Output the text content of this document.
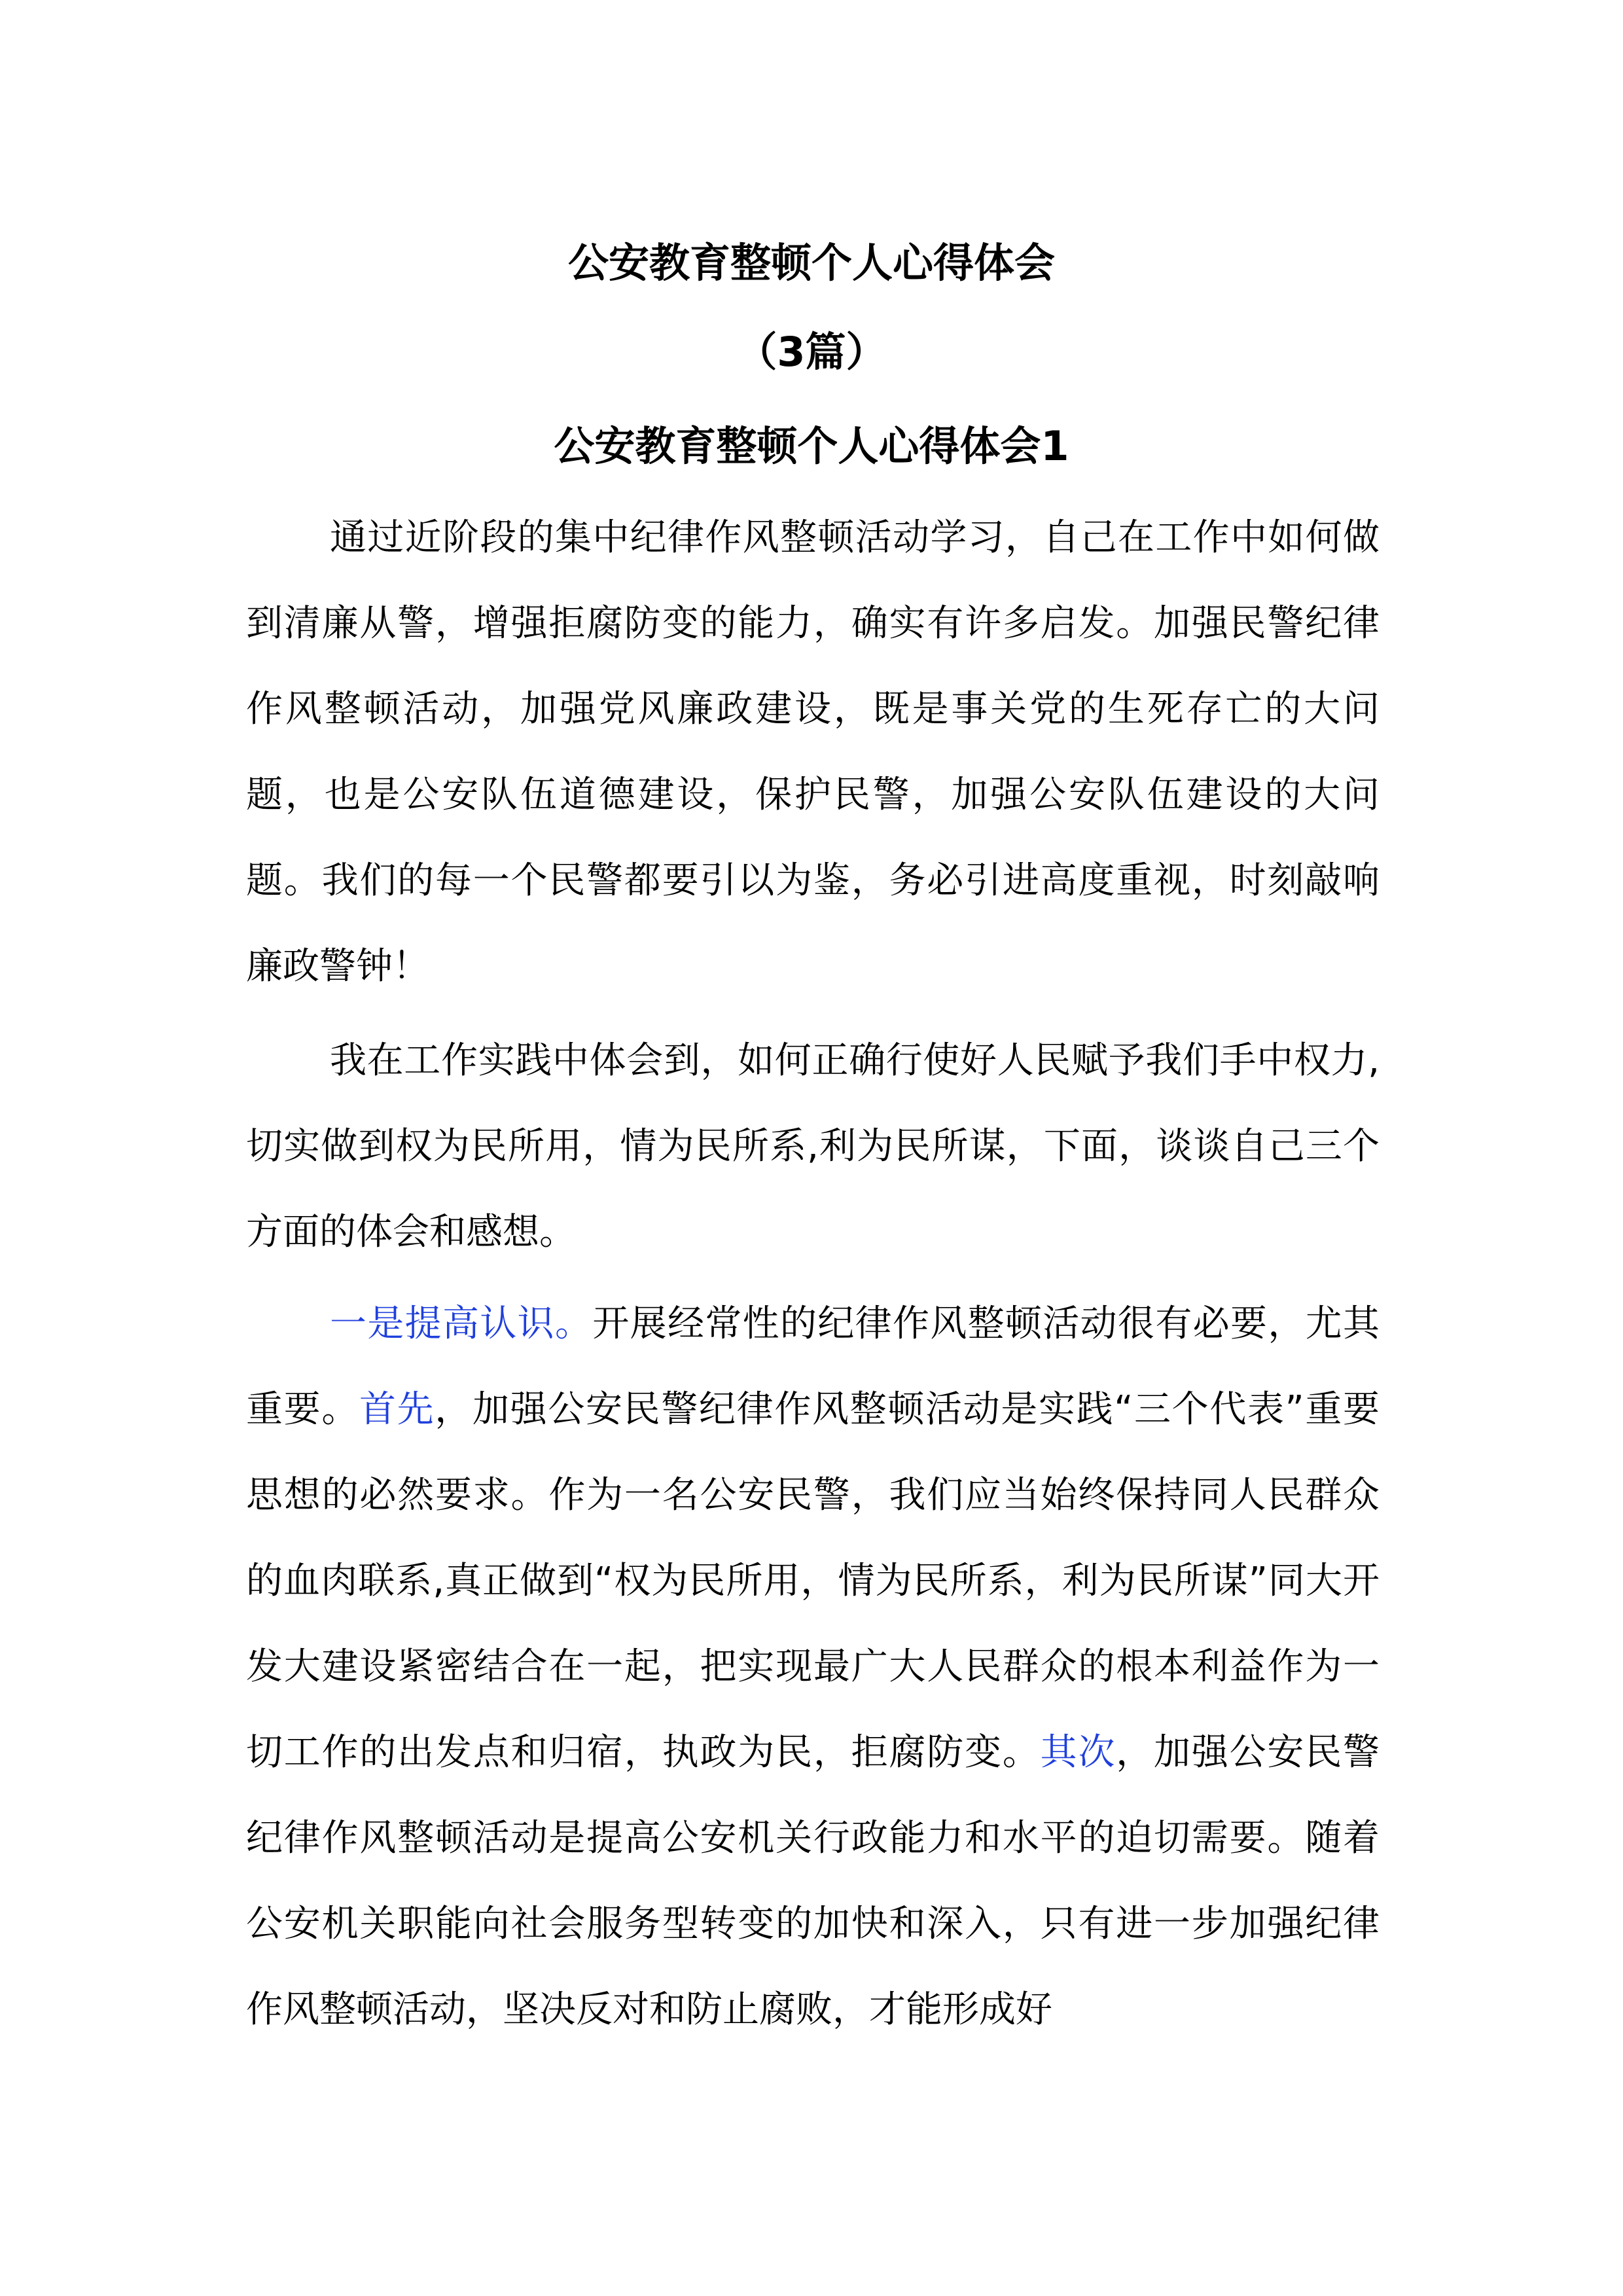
公安教育整顿个人心得体会
（3篇）
公安教育整顿个人心得体会1

通过近阶段的集中纪律作风整顿活动学习，自己在工作中如何做到清廉从警，增强拒腐防变的能力，确实有许多启发。加强民警纪律作风整顿活动，加强党风廉政建设，既是事关党的生死存亡的大问题，也是公安队伍道德建设，保护民警，加强公安队伍建设的大问题。我们的每一个民警都要引以为鉴，务必引进高度重视，时刻敲响廉政警钟！

我在工作实践中体会到，如何正确行使好人民赋予我们手中权力,切实做到权为民所用，情为民所系,利为民所谋，下面，谈谈自己三个方面的体会和感想。

一是提高认识。开展经常性的纪律作风整顿活动很有必要，尤其重要。首先，加强公安民警纪律作风整顿活动是实践“三个代表”重要思想的必然要求。作为一名公安民警，我们应当始终保持同人民群众的血肉联系,真正做到“权为民所用，情为民所系，利为民所谋”同大开发大建设紧密结合在一起，把实现最广大人民群众的根本利益作为一切工作的出发点和归宿，执政为民，拒腐防变。其次，加强公安民警纪律作风整顿活动是提高公安机关行政能力和水平的迫切需要。随着公安机关职能向社会服务型转变的加快和深入，只有进一步加强纪律作风整顿活动，坚决反对和防止腐败，才能形成好
